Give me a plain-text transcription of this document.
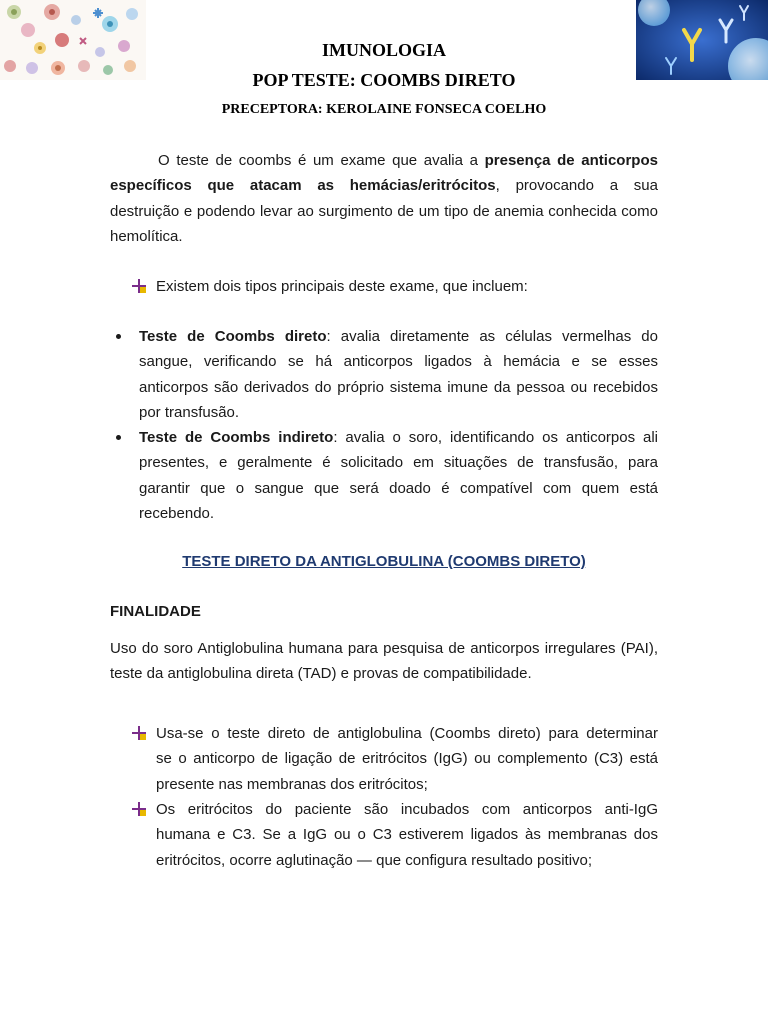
IMUNOLOGIA
POP TESTE: COOMBS DIRETO
PRECEPTORA: KEROLAINE FONSECA COELHO
O teste de coombs é um exame que avalia a presença de anticorpos
específicos que atacam as hemácias/eritrócitos, provocando a sua
destruição e podendo levar ao surgimento de um tipo de anemia conhecida como
hemolítica.
Existem dois tipos principais deste exame, que incluem:
Teste de Coombs direto: avalia diretamente as células vermelhas do
sangue, verificando se há anticorpos ligados à hemácia e se esses
anticorpos são derivados do próprio sistema imune da pessoa ou recebidos
por transfusão.
Teste de Coombs indireto: avalia o soro, identificando os anticorpos ali
presentes, e geralmente é solicitado em situações de transfusão, para
garantir que o sangue que será doado é compatível com quem está
recebendo.
TESTE DIRETO DA ANTIGLOBULINA (COOMBS DIRETO)
FINALIDADE
Uso do soro Antiglobulina humana para pesquisa de anticorpos irregulares (PAI),
teste da antiglobulina direta (TAD) e provas de compatibilidade.
Usa-se o teste direto de antiglobulina (Coombs direto) para determinar
se o anticorpo de ligação de eritrócitos (IgG) ou complemento (C3) está
presente nas membranas dos eritrócitos;
Os eritrócitos do paciente são incubados com anticorpos anti-IgG
humana e C3. Se a IgG ou o C3 estiverem ligados às membranas dos
eritrócitos, ocorre aglutinação — que configura resultado positivo;
